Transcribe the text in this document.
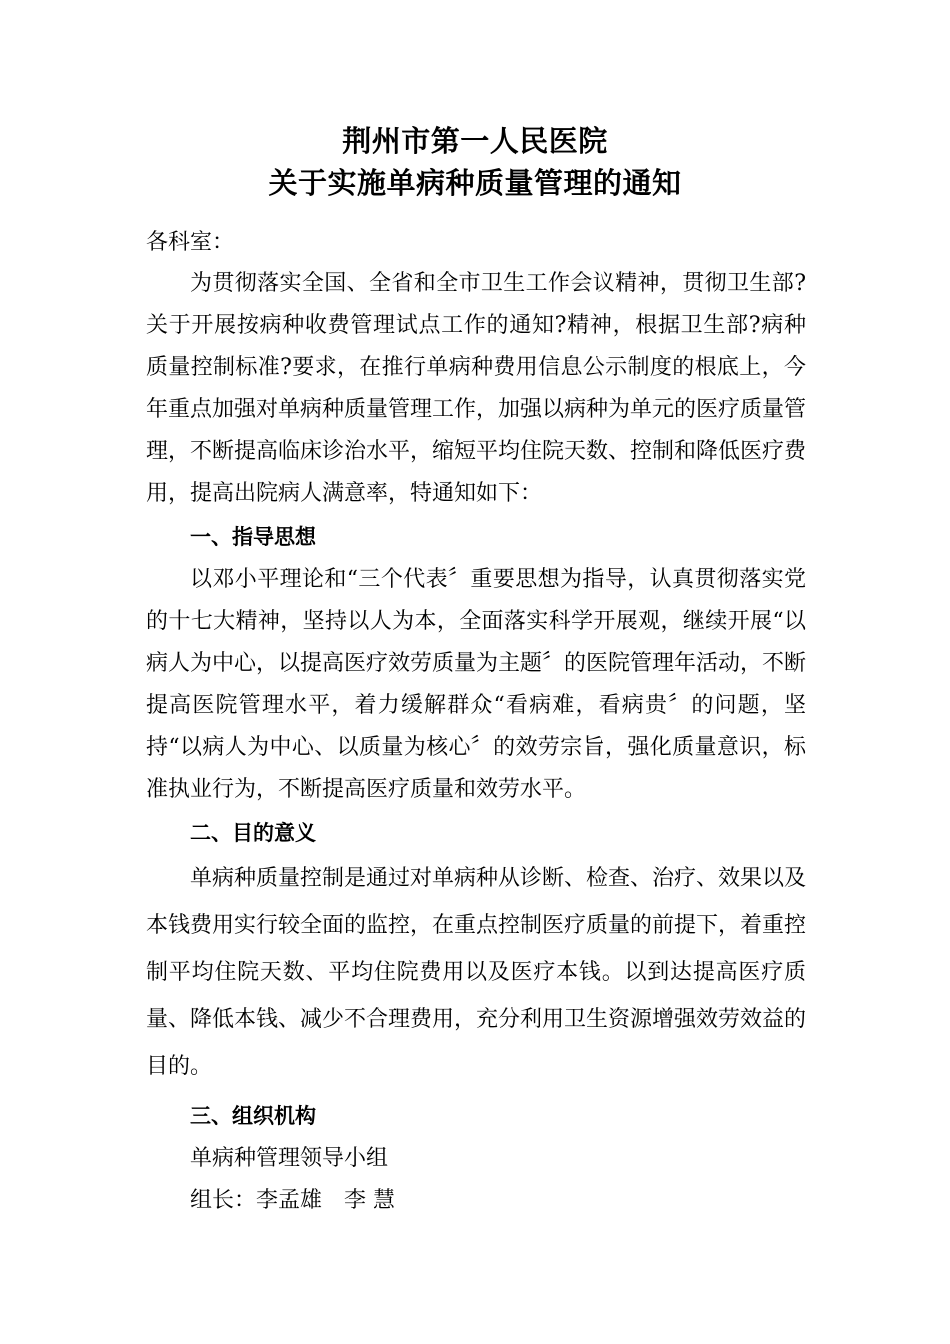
荆州市第一人民医院
关于实施单病种质量管理的通知
各科室：

为贯彻落实全国、全省和全市卫生工作会议精神，贯彻卫生部?关于开展按病种收费管理试点工作的通知?精神，根据卫生部?病种质量控制标准?要求，在推行单病种费用信息公示制度的根底上，今年重点加强对单病种质量管理工作，加强以病种为单元的医疗质量管理，不断提高临床诊治水平，缩短平均住院天数、控制和降低医疗费用，提高出院病人满意率，特通知如下：

一、指导思想

以邓小平理论和“三个代表〞重要思想为指导，认真贯彻落实党的十七大精神，坚持以人为本，全面落实科学开展观，继续开展“以病人为中心，以提高医疗效劳质量为主题〞的医院管理年活动，不断提高医院管理水平，着力缓解群众“看病难，看病贵〞的问题，坚持“以病人为中心、以质量为核心〞的效劳宗旨，强化质量意识，标准执业行为，不断提高医疗质量和效劳水平。

二、目的意义

单病种质量控制是通过对单病种从诊断、检查、治疗、效果以及本钱费用实行较全面的监控，在重点控制医疗质量的前提下，着重控制平均住院天数、平均住院费用以及医疗本钱。以到达提高医疗质量、降低本钱、减少不合理费用，充分利用卫生资源增强效劳效益的目的。

三、组织机构
单病种管理领导小组
组长：李孟雄　李 慧
